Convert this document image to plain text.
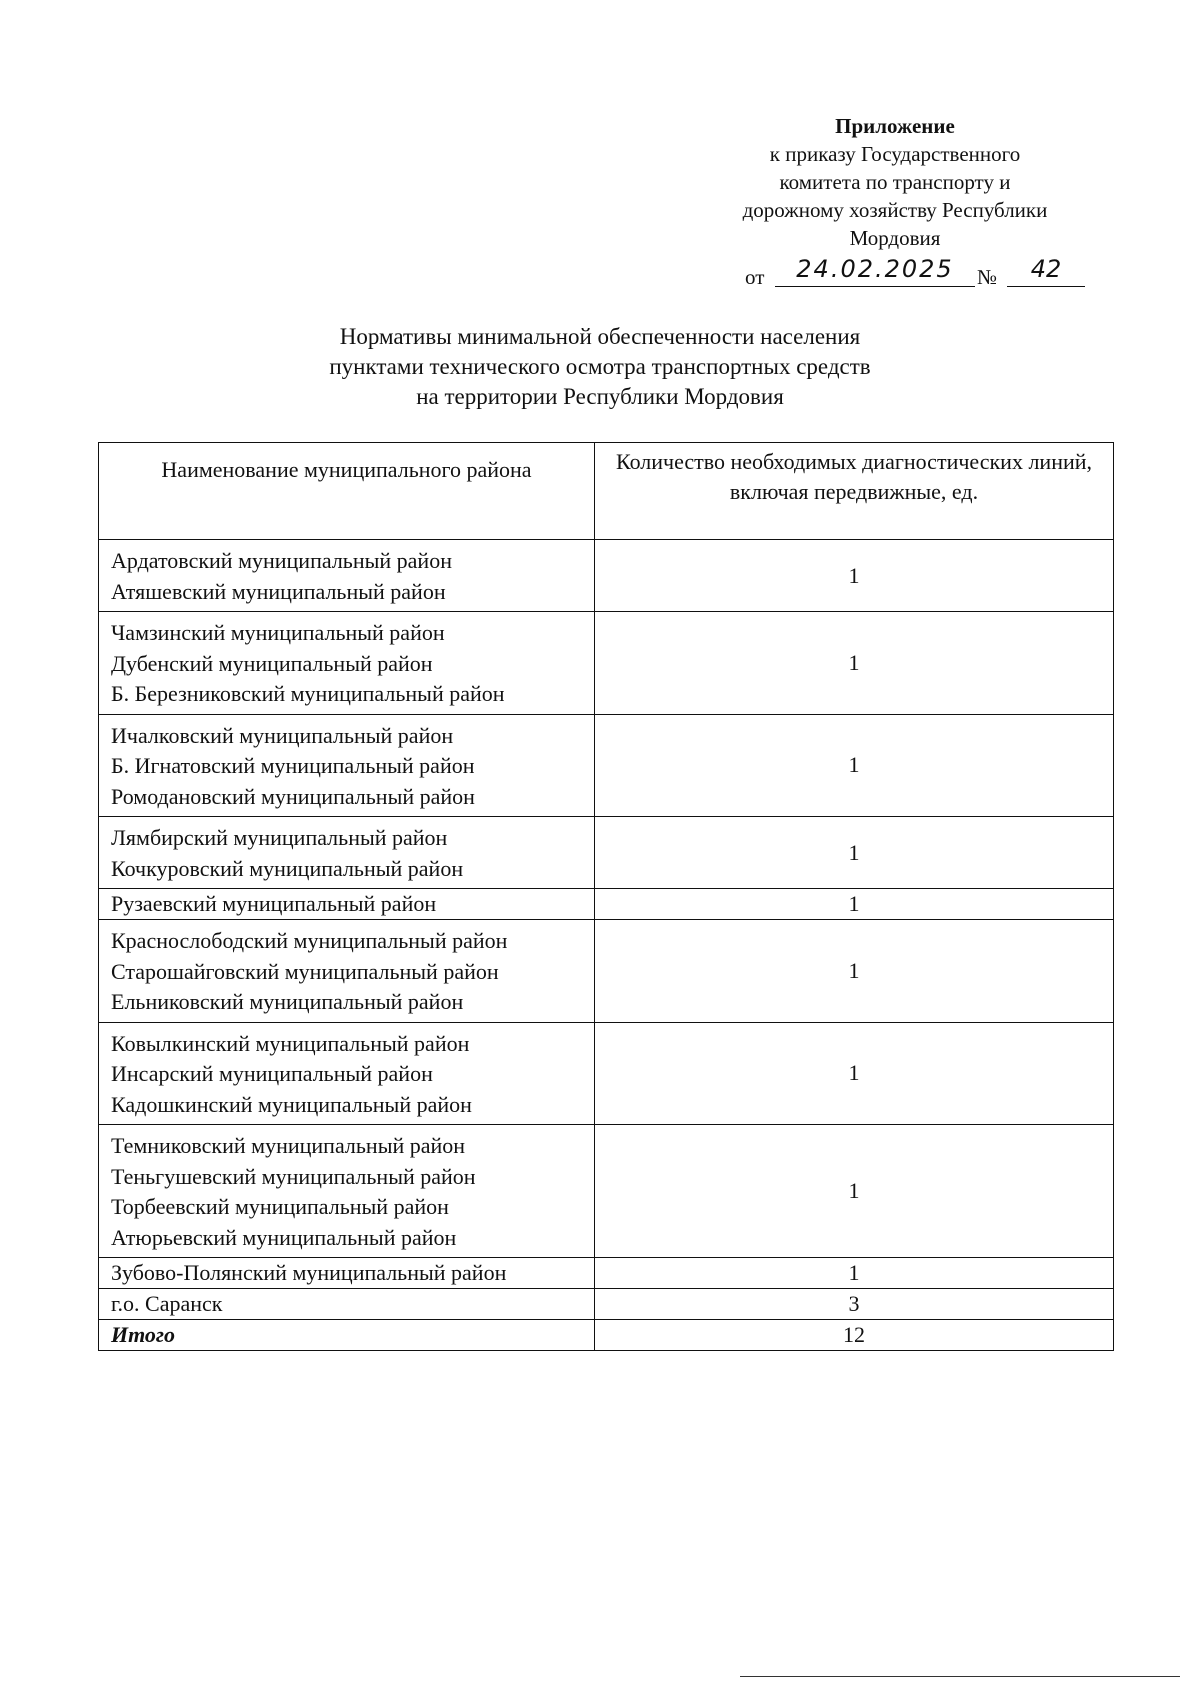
Приложение
к приказу Государственного
комитета по транспорту и
дорожному хозяйству Республики
Мордовия
от	24.02.2025	№	42
Нормативы минимальной обеспеченности населения
пунктами технического осмотра транспортных средств
на территории Республики Мордовия
Наименование муниципального района	Количество необходимых диагностических линий, включая передвижные, ед.

Ардатовский муниципальный район
Атяшевский муниципальный район	1

Чамзинский муниципальный район
Дубенский муниципальный район
Б. Березниковский муниципальный район	1

Ичалковский муниципальный район
Б. Игнатовский муниципальный район
Ромодановский муниципальный район	1

Лямбирский муниципальный район
Кочкуровский муниципальный район	1

Рузаевский муниципальный район	1

Краснослободский муниципальный район
Старошайговский муниципальный район
Ельниковский муниципальный район	1

Ковылкинский муниципальный район
Инсарский муниципальный район
Кадошкинский муниципальный район	1

Темниковский муниципальный район
Теньгушевский муниципальный район
Торбеевский муниципальный район
Атюрьевский муниципальный район	1

Зубово-Полянский муниципальный район	1

г.о. Саранск	3
Итого	12
